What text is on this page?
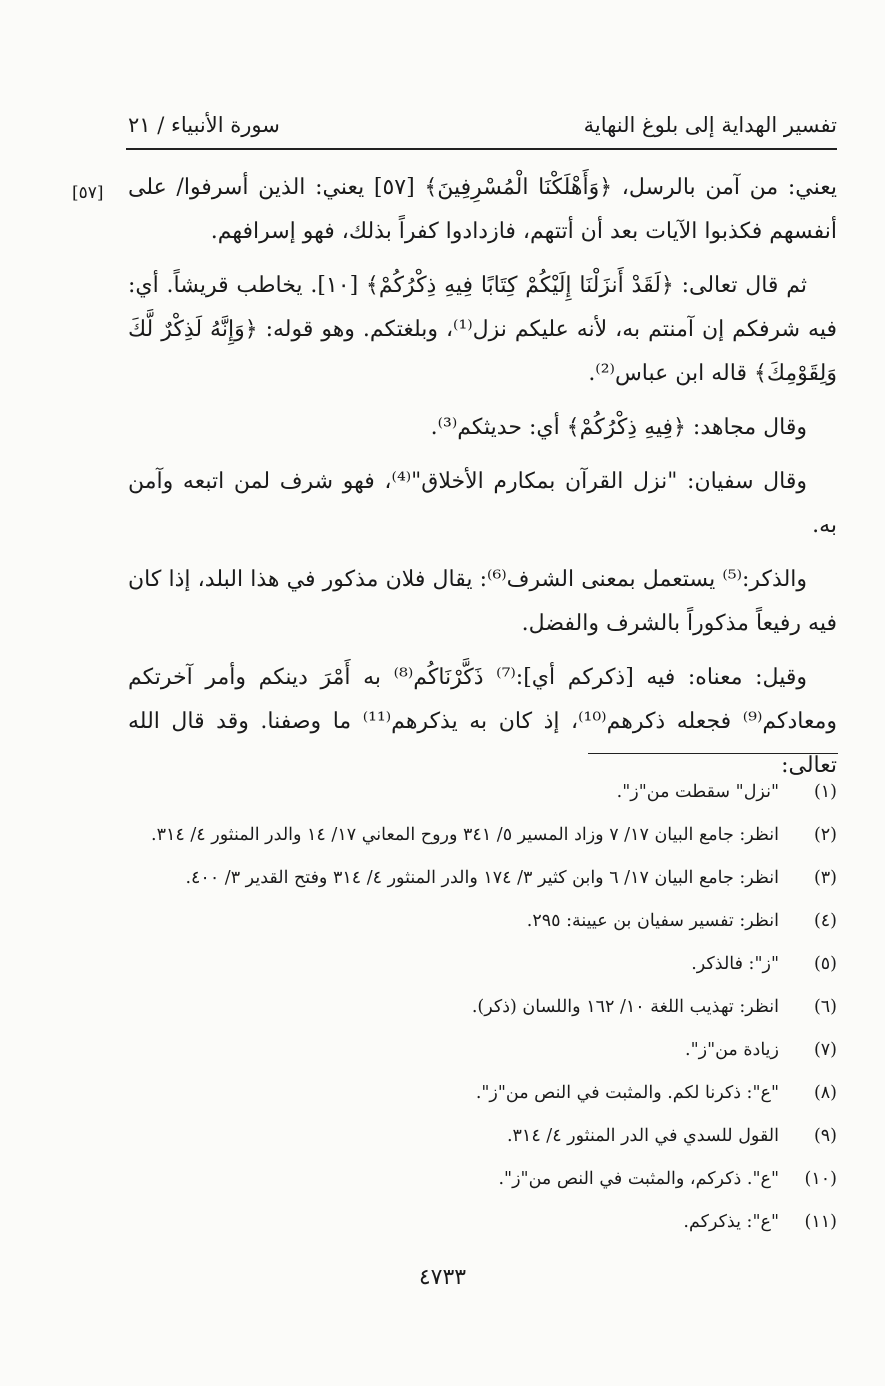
تفسير الهداية إلى بلوغ النهاية
سورة الأنبياء / ٢١
[٥٧] يعني: من آمن بالرسل، ﴿وَأَهْلَكْنَا الْمُسْرِفِينَ﴾ [٥٧] يعني: الذين أسرفوا/ على أنفسهم فكذبوا الآيات بعد أن أتتهم، فازدادوا كفراً بذلك، فهو إسرافهم.

ثم قال تعالى: ﴿لَقَدْ أَنزَلْنَا إِلَيْكُمْ كِتَابًا فِيهِ ذِكْرُكُمْ﴾ [١٠]. يخاطب قريشاً. أي: فيه شرفكم إن آمنتم به، لأنه عليكم نزل⁽¹⁾، وبلغتكم. وهو قوله: ﴿وَإِنَّهُ لَذِكْرٌ لَّكَ وَلِقَوْمِكَ﴾ قاله ابن عباس⁽²⁾.

وقال مجاهد: ﴿فِيهِ ذِكْرُكُمْ﴾ أي: حديثكم⁽³⁾.

وقال سفيان: "نزل القرآن بمكارم الأخلاق"⁽⁴⁾، فهو شرف لمن اتبعه وآمن به.

والذكر:⁽⁵⁾ يستعمل بمعنى الشرف⁽⁶⁾: يقال فلان مذكور في هذا البلد، إذا كان فيه رفيعاً مذكوراً بالشرف والفضل.

وقيل: معناه: فيه [ذكركم أي]:⁽⁷⁾ ذَكَّرْنَاكُم⁽⁸⁾ به أَمْرَ دينكم وأمر آخرتكم ومعادكم⁽⁹⁾ فجعله ذكرهم⁽¹⁰⁾، إذ كان به يذكرهم⁽¹¹⁾ ما وصفنا. وقد قال الله تعالى:

(١)"نزل" سقطت من"ز".
(٢)انظر: جامع البيان ١٧/ ٧ وزاد المسير ٥/ ٣٤١ وروح المعاني ١٧/ ١٤ والدر المنثور ٤/ ٣١٤.
(٣)انظر: جامع البيان ١٧/ ٦ وابن كثير ٣/ ١٧٤ والدر المنثور ٤/ ٣١٤ وفتح القدير ٣/ ٤٠٠.
(٤)انظر: تفسير سفيان بن عيينة: ٢٩٥.
(٥)"ز": فالذكر.
(٦)انظر: تهذيب اللغة ١٠/ ١٦٢ واللسان (ذكر).
(٧)زيادة من"ز".
(٨)"ع": ذكرنا لكم. والمثبت في النص من"ز".
(٩)القول للسدي في الدر المنثور ٤/ ٣١٤.
(١٠)"ع". ذكركم، والمثبت في النص من"ز".
(١١)"ع": يذكركم.
٤٧٣٣
